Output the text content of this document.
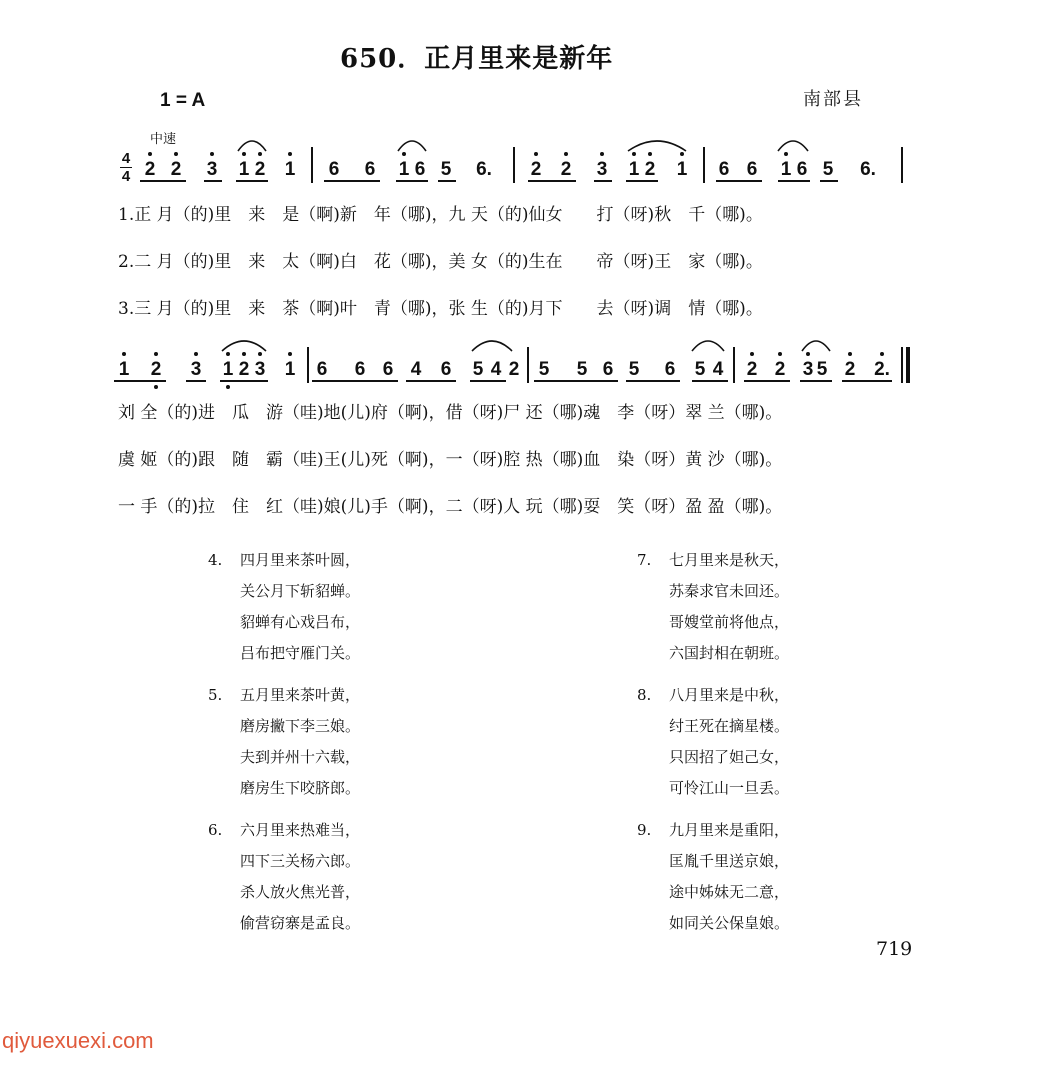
650．正月里来是新年
1 = A	南部县
中速
4
4 2 2 3 1 2 1 6 6 1 6 5 6. 2 2 3 1 2 1 6 6 1 6 5 6.
1 2 3 1 2 3 1 6 6 6 4 6 5 4 2 5 5 6 5 6 5 4 2 2 3 5 2 2.
1.正 月（的)里　来　是（啊)新　年（哪)，九 天（的)仙女　　打（呀)秋　千（哪)。
2.二 月（的)里　来　太（啊)白　花（哪)，美 女（的)生在　　帝（呀)王　家（哪)。
3.三 月（的)里　来　茶（啊)叶　青（哪)，张 生（的)月下　　去（呀)调　情（哪)。
刘 全（的)进　瓜　游（哇)地(儿)府（啊)，借（呀)尸 还（哪)魂　李（呀）翠 兰（哪)。
虞 姬（的)跟　随　霸（哇)王(儿)死（啊)，一（呀)腔 热（哪)血　染（呀）黄 沙（哪)。
一 手（的)拉　住　红（哇)娘(儿)手（啊)，二（呀)人 玩（哪)耍　笑（呀）盈 盈（哪)。
4. 四月里来茶叶圆，
关公月下斩貂蝉。
貂蝉有心戏吕布，
吕布把守雁门关。
5. 五月里来茶叶黄，
磨房撇下李三娘。
夫到并州十六载，
磨房生下咬脐郎。
6. 六月里来热难当，
四下三关杨六郎。
杀人放火焦光普，
偷营窃寨是孟良。
7. 七月里来是秋天，
苏秦求官未回还。
哥嫂堂前将他点，
六国封相在朝班。
8. 八月里来是中秋，
纣王死在摘星楼。
只因招了妲己女，
可怜江山一旦丢。
9. 九月里来是重阳，
匡胤千里送京娘，
途中姊妹无二意，
如同关公保皇娘。
719
qiyuexuexi.com
